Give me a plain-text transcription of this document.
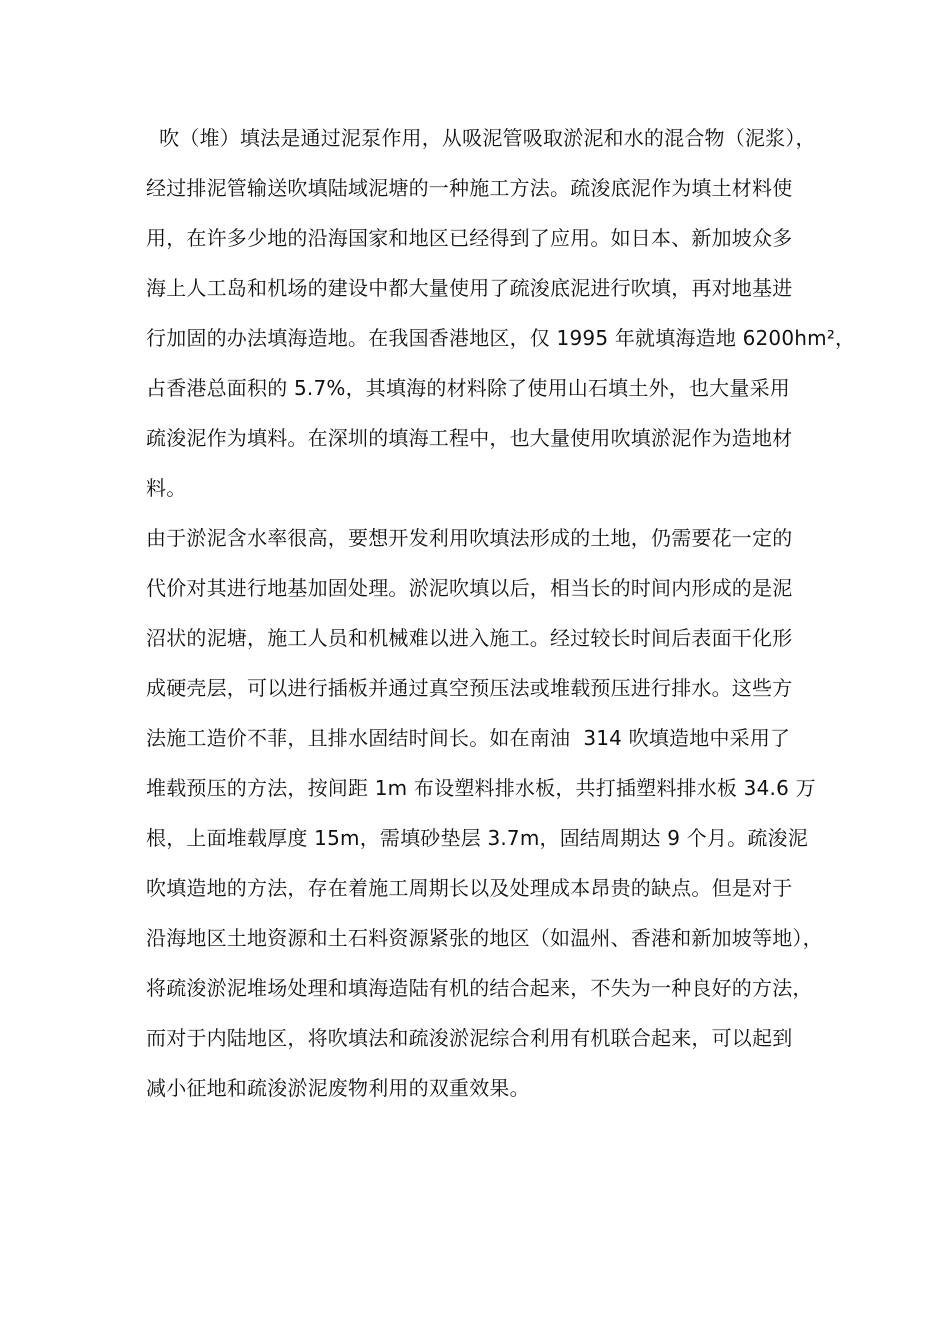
吹（堆）填法是通过泥泵作用，从吸泥管吸取淤泥和水的混合物（泥浆），
经过排泥管输送吹填陆域泥塘的一种施工方法。疏浚底泥作为填土材料使
用，在许多少地的沿海国家和地区已经得到了应用。如日本、新加坡众多
海上人工岛和机场的建设中都大量使用了疏浚底泥进行吹填，再对地基进
行加固的办法填海造地。在我国香港地区，仅 1995 年就填海造地 6200hm²，
占香港总面积的 5.7%，其填海的材料除了使用山石填土外，也大量采用
疏浚泥作为填料。在深圳的填海工程中，也大量使用吹填淤泥作为造地材
料。
由于淤泥含水率很高，要想开发利用吹填法形成的土地，仍需要花一定的
代价对其进行地基加固处理。淤泥吹填以后，相当长的时间内形成的是泥
沼状的泥塘，施工人员和机械难以进入施工。经过较长时间后表面干化形
成硬壳层，可以进行插板并通过真空预压法或堆载预压进行排水。这些方
法施工造价不菲，且排水固结时间长。如在南油  314 吹填造地中采用了
堆载预压的方法，按间距 1m 布设塑料排水板，共打插塑料排水板 34.6 万
根，上面堆载厚度 15m，需填砂垫层 3.7m，固结周期达 9 个月。疏浚泥
吹填造地的方法，存在着施工周期长以及处理成本昂贵的缺点。但是对于
沿海地区土地资源和土石料资源紧张的地区（如温州、香港和新加坡等地），
将疏浚淤泥堆场处理和填海造陆有机的结合起来，不失为一种良好的方法，
而对于内陆地区，将吹填法和疏浚淤泥综合利用有机联合起来，可以起到
减小征地和疏浚淤泥废物利用的双重效果。
